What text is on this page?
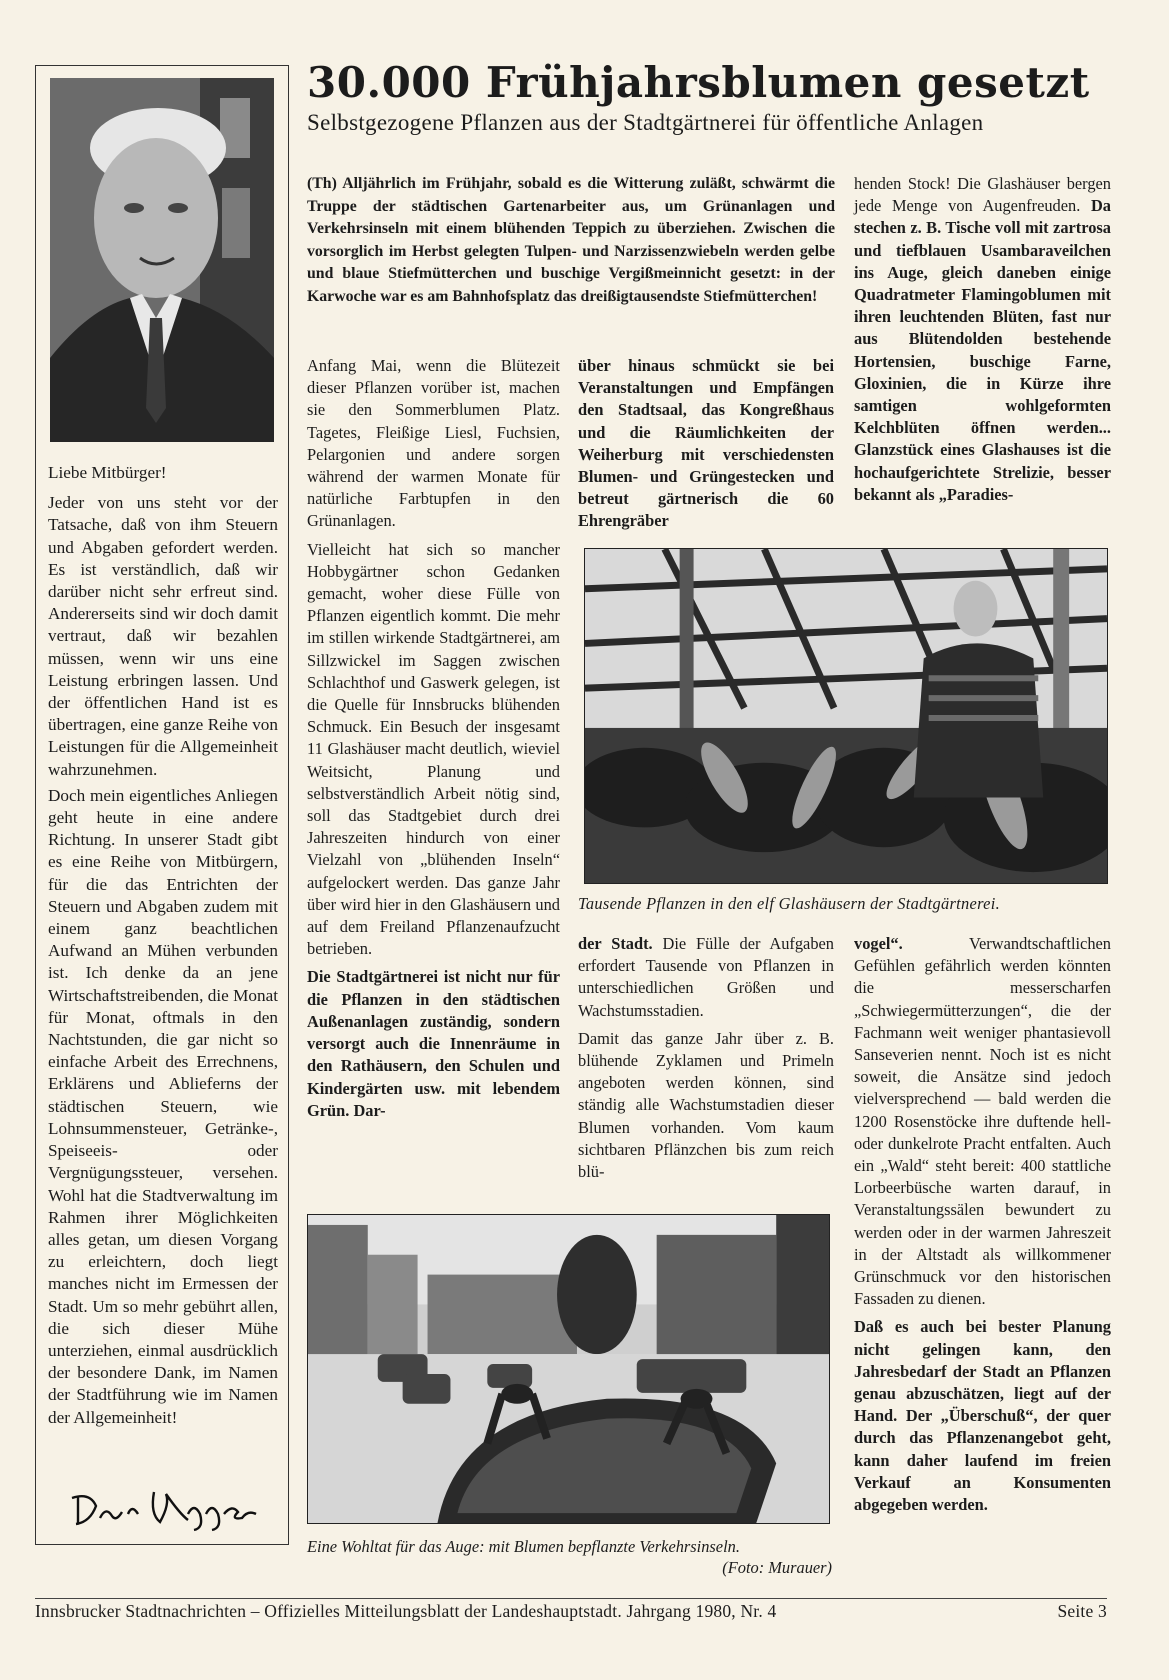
Liebe Mitbürger!

Jeder von uns steht vor der Tatsache, daß von ihm Steuern und Abgaben gefordert werden. Es ist verständlich, daß wir darüber nicht sehr erfreut sind. Andererseits sind wir doch damit vertraut, daß wir bezahlen müssen, wenn wir uns eine Leistung erbringen lassen. Und der öffentlichen Hand ist es übertragen, eine ganze Reihe von Leistungen für die Allgemeinheit wahrzunehmen.

Doch mein eigentliches Anliegen geht heute in eine andere Richtung. In unserer Stadt gibt es eine Reihe von Mitbürgern, für die das Entrichten der Steuern und Abgaben zudem mit einem ganz beachtlichen Aufwand an Mühen verbunden ist. Ich denke da an jene Wirtschaftstreibenden, die Monat für Monat, oftmals in den Nachtstunden, die gar nicht so einfache Arbeit des Errechnens, Erklärens und Ablieferns der städtischen Steuern, wie Lohnsummensteuer, Getränke-, Speiseeis- oder Vergnügungssteuer, versehen. Wohl hat die Stadtverwaltung im Rahmen ihrer Möglichkeiten alles getan, um diesen Vorgang zu erleichtern, doch liegt manches nicht im Ermessen der Stadt. Um so mehr gebührt allen, die sich dieser Mühe unterziehen, einmal ausdrücklich der besondere Dank, im Namen der Stadtführung wie im Namen der Allgemeinheit!

30.000 Frühjahrsblumen gesetzt
Selbstgezogene Pflanzen aus der Stadtgärtnerei für öffentliche Anlagen
(Th) Alljährlich im Frühjahr, sobald es die Witterung zuläßt, schwärmt die Truppe der städtischen Gartenarbeiter aus, um Grünanlagen und Verkehrsinseln mit einem blühenden Teppich zu überziehen. Zwischen die vorsorglich im Herbst gelegten Tulpen- und Narzissenzwiebeln werden gelbe und blaue Stiefmütterchen und buschige Vergißmeinnicht gesetzt: in der Karwoche war es am Bahnhofsplatz das dreißigtausendste Stiefmütterchen!

Anfang Mai, wenn die Blütezeit dieser Pflanzen vorüber ist, machen sie den Sommerblumen Platz. Tagetes, Fleißige Liesl, Fuchsien, Pelargonien und andere sorgen während der warmen Monate für natürliche Farbtupfen in den Grünanlagen.

Vielleicht hat sich so mancher Hobbygärtner schon Gedanken gemacht, woher diese Fülle von Pflanzen eigentlich kommt. Die mehr im stillen wirkende Stadtgärtnerei, am Sillzwickel im Saggen zwischen Schlachthof und Gaswerk gelegen, ist die Quelle für Innsbrucks blühenden Schmuck. Ein Besuch der insgesamt 11 Glashäuser macht deutlich, wieviel Weitsicht, Planung und selbstverständlich Arbeit nötig sind, soll das Stadtgebiet durch drei Jahreszeiten hindurch von einer Vielzahl von „blühenden Inseln“ aufgelockert werden. Das ganze Jahr über wird hier in den Glashäusern und auf dem Freiland Pflanzenaufzucht betrieben.

Die Stadtgärtnerei ist nicht nur für die Pflanzen in den städtischen Außenanlagen zuständig, sondern versorgt auch die Innenräume in den Rathäusern, den Schulen und Kindergärten usw. mit lebendem Grün. Dar-

über hinaus schmückt sie bei Veranstaltungen und Empfängen den Stadtsaal, das Kongreßhaus und die Räumlichkeiten der Weiherburg mit verschiedensten Blumen- und Grüngestecken und betreut gärtnerisch die 60 Ehrengräber
henden Stock! Die Glashäuser bergen jede Menge von Augenfreuden. Da stechen z. B. Tische voll mit zartrosa und tiefblauen Usambaraveilchen ins Auge, gleich daneben einige Quadratmeter Flamingoblumen mit ihren leuchtenden Blüten, fast nur aus Blütendolden bestehende Hortensien, buschige Farne, Gloxinien, die in Kürze ihre samtigen wohlgeformten Kelchblüten öffnen werden... Glanzstück eines Glashauses ist die hochaufgerichtete Strelizie, besser bekannt als „Paradies-
Tausende Pflanzen in den elf Glashäusern der Stadtgärtnerei.

der Stadt. Die Fülle der Aufgaben erfordert Tausende von Pflanzen in unterschiedlichen Größen und Wachstumsstadien.

Damit das ganze Jahr über z. B. blühende Zyklamen und Primeln angeboten werden können, sind ständig alle Wachstumstadien dieser Blumen vorhanden. Vom kaum sichtbaren Pflänzchen bis zum reich blü-

vogel“. Verwandtschaftlichen Gefühlen gefährlich werden könnten die messerscharfen „Schwiegermütterzungen“, die der Fachmann weit weniger phantasievoll Sanseverien nennt. Noch ist es nicht soweit, die Ansätze sind jedoch vielversprechend — bald werden die 1200 Rosenstöcke ihre duftende hell- oder dunkelrote Pracht entfalten. Auch ein „Wald“ steht bereit: 400 stattliche Lorbeerbüsche warten darauf, in Veranstaltungssälen bewundert zu werden oder in der warmen Jahreszeit in der Altstadt als willkommener Grünschmuck vor den historischen Fassaden zu dienen.

Daß es auch bei bester Planung nicht gelingen kann, den Jahresbedarf der Stadt an Pflanzen genau abzuschätzen, liegt auf der Hand. Der „Überschuß“, der quer durch das Pflanzenangebot geht, kann daher laufend im freien Verkauf an Konsumenten abgegeben werden.

Eine Wohltat für das Auge: mit Blumen bepflanzte Verkehrsinseln.
(Foto: Murauer)
Innsbrucker Stadtnachrichten – Offizielles Mitteilungsblatt der Landeshauptstadt. Jahrgang 1980, Nr. 4	Seite 3
